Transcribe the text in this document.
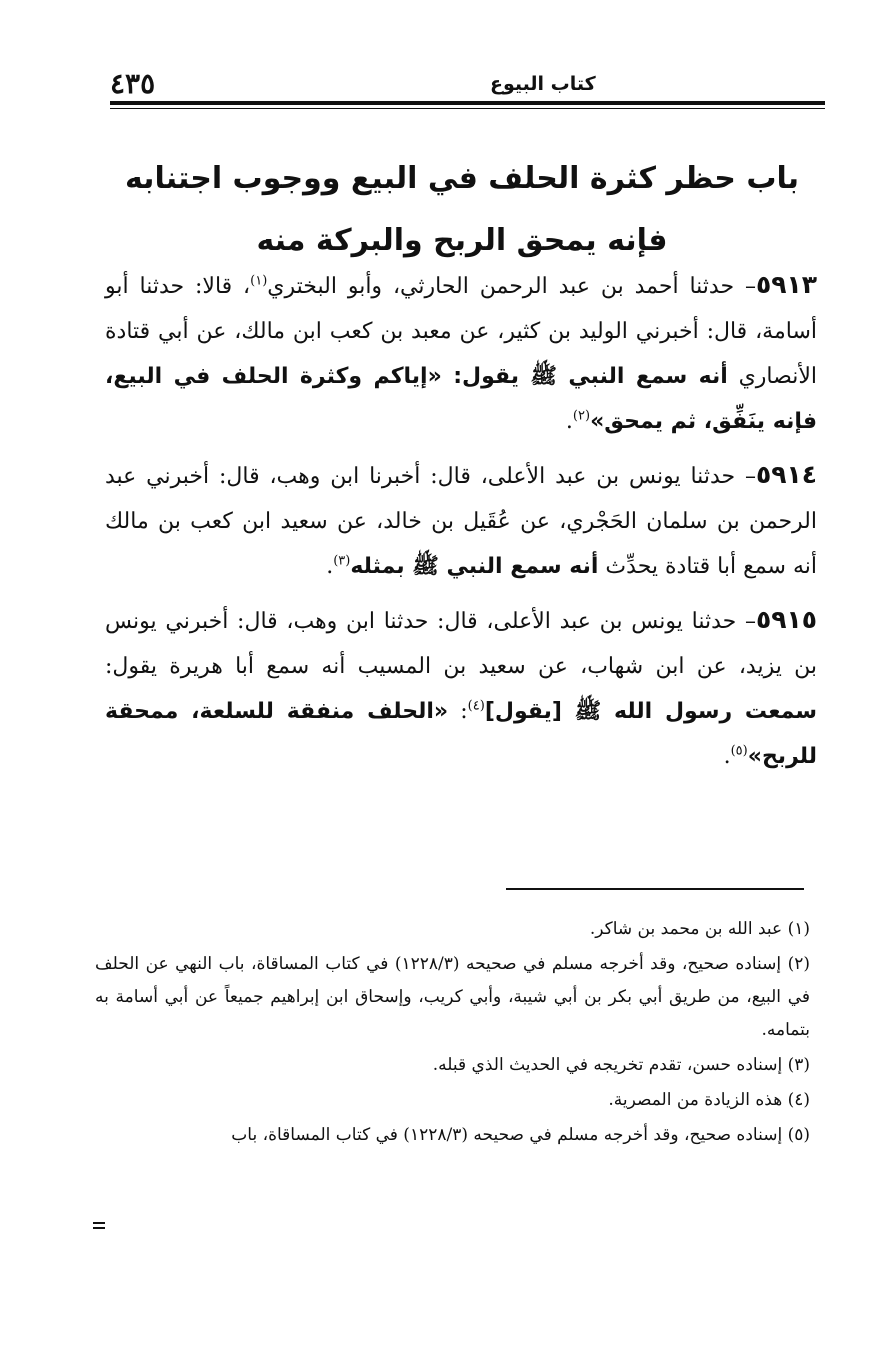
٤٣٥	كتاب البيوع
باب حظر كثرة الحلف في البيع ووجوب اجتنابه فإنه يمحق الربح والبركة منه

٥٩١٣– حدثنا أحمد بن عبد الرحمن الحارثي، وأبو البختري$^{(١)}$، قالا: حدثنا أبو أسامة، قال: أخبرني الوليد بن كثير، عن معبد بن كعب ابن مالك، عن أبي قتادة الأنصاري أنه سمع النبي ﷺ يقول: «إياكم وكثرة الحلف في البيع، فإنه ينَفِّق، ثم يمحق»$^{(٢)}$.

٥٩١٤– حدثنا يونس بن عبد الأعلى، قال: أخبرنا ابن وهب، قال: أخبرني عبد الرحمن بن سلمان الحَجْري، عن عُقَيل بن خالد، عن سعيد ابن كعب بن مالك أنه سمع أبا قتادة يحدِّث أنه سمع النبي ﷺ بمثله$^{(٣)}$.

٥٩١٥– حدثنا يونس بن عبد الأعلى، قال: حدثنا ابن وهب، قال: أخبرني يونس بن يزيد، عن ابن شهاب، عن سعيد بن المسيب أنه سمع أبا هريرة يقول: سمعت رسول الله ﷺ [يقول]$^{(٤)}$: «الحلف منفقة للسلعة، ممحقة للربح»$^{(٥)}$.

(١) عبد الله بن محمد بن شاكر.

(٢) إسناده صحيح، وقد أخرجه مسلم في صحيحه (١٢٢٨/٣) في كتاب المساقاة، باب النهي عن الحلف في البيع، من طريق أبي بكر بن أبي شيبة، وأبي كريب، وإسحاق ابن إبراهيم جميعاً عن أبي أسامة به بتمامه.

(٣) إسناده حسن، تقدم تخريجه في الحديث الذي قبله.

(٤) هذه الزيادة من المصرية.

(٥) إسناده صحيح، وقد أخرجه مسلم في صحيحه (١٢٢٨/٣) في كتاب المساقاة، باب
